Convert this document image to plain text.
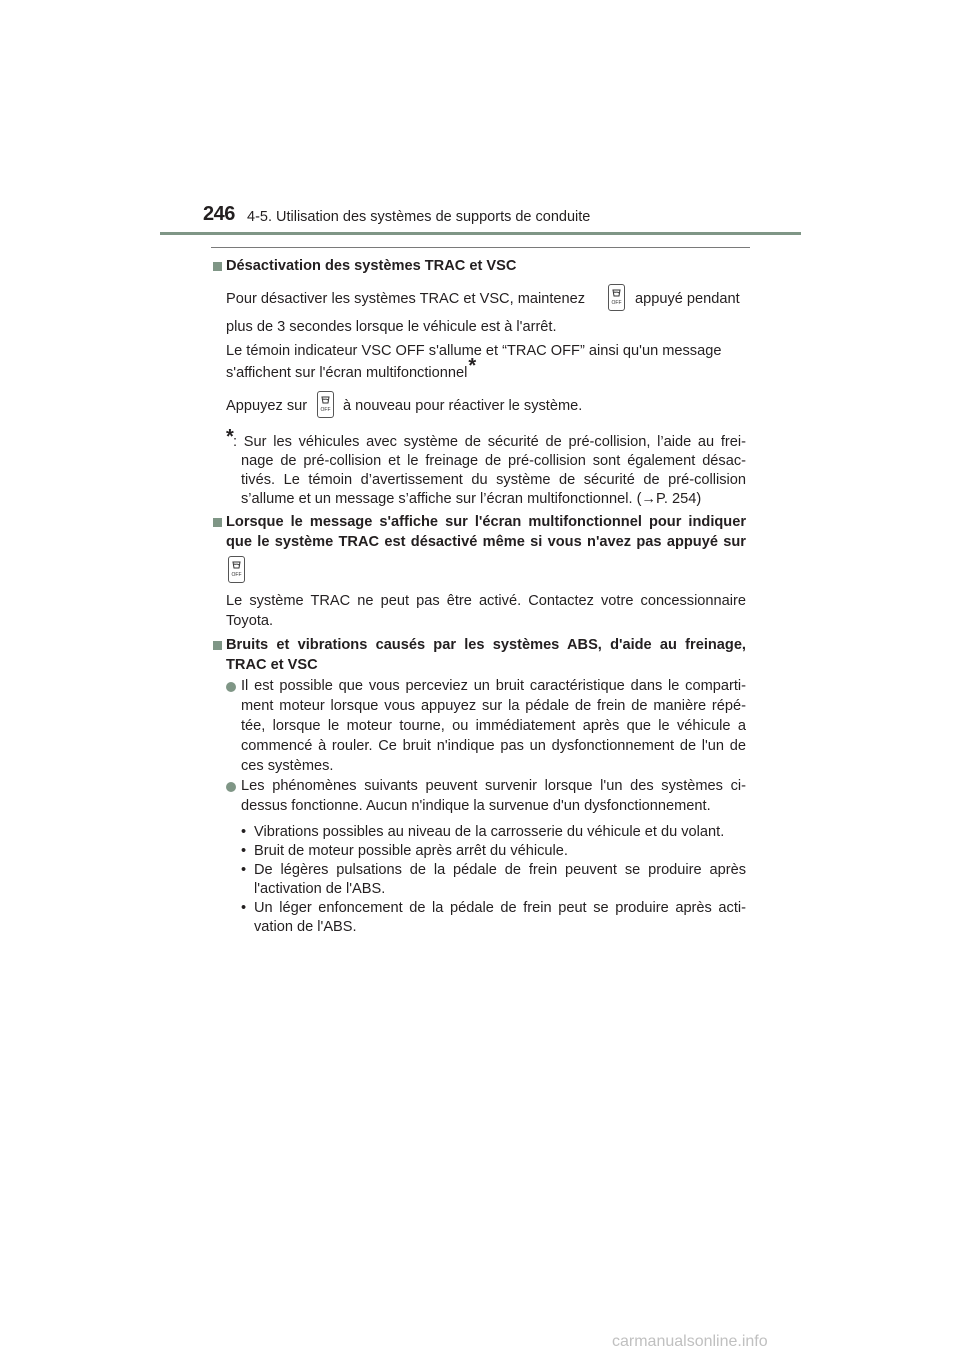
246 4-5. Utilisation des systèmes de supports de conduite
Désactivation des systèmes TRAC et VSC
Pour désactiver les systèmes TRAC et VSC, maintenez	OFF appuyé pendant
plus de 3 secondes lorsque le véhicule est à l'arrêt.
Le témoin indicateur VSC OFF s'allume et “TRAC OFF” ainsi qu'un message
s'affichent sur l'écran multifonctionnel*
Appuyez sur	OFF à nouveau pour réactiver le système.
* : Sur les véhicules avec système de sécurité de pré-collision, l’aide au frei-
nage de pré-collision et le freinage de pré-collision sont également désac-
tivés. Le témoin d’avertissement du système de sécurité de pré-collision
s’allume et un message s’affiche sur l’écran multifonctionnel. (→P. 254)
Lorsque le message s'affiche sur l'écran multifonctionnel pour indiquer
que le système TRAC est désactivé même si vous n'avez pas appuyé sur
OFF
Le système TRAC ne peut pas être activé. Contactez votre concessionnaire
Toyota.
Bruits et vibrations causés par les systèmes ABS, d'aide au freinage,
TRAC et VSC
Il est possible que vous perceviez un bruit caractéristique dans le comparti-
ment moteur lorsque vous appuyez sur la pédale de frein de manière répé-
tée, lorsque le moteur tourne, ou immédiatement après que le véhicule a
commencé à rouler. Ce bruit n'indique pas un dysfonctionnement de l'un de
ces systèmes.
Les phénomènes suivants peuvent survenir lorsque l'un des systèmes ci-
dessus fonctionne. Aucun n'indique la survenue d'un dysfonctionnement.
• Vibrations possibles au niveau de la carrosserie du véhicule et du volant.
• Bruit de moteur possible après arrêt du véhicule.
• De légères pulsations de la pédale de frein peuvent se produire après
l'activation de l'ABS.
• Un léger enfoncement de la pédale de frein peut se produire après acti-
vation de l'ABS.
carmanualsonline.info
